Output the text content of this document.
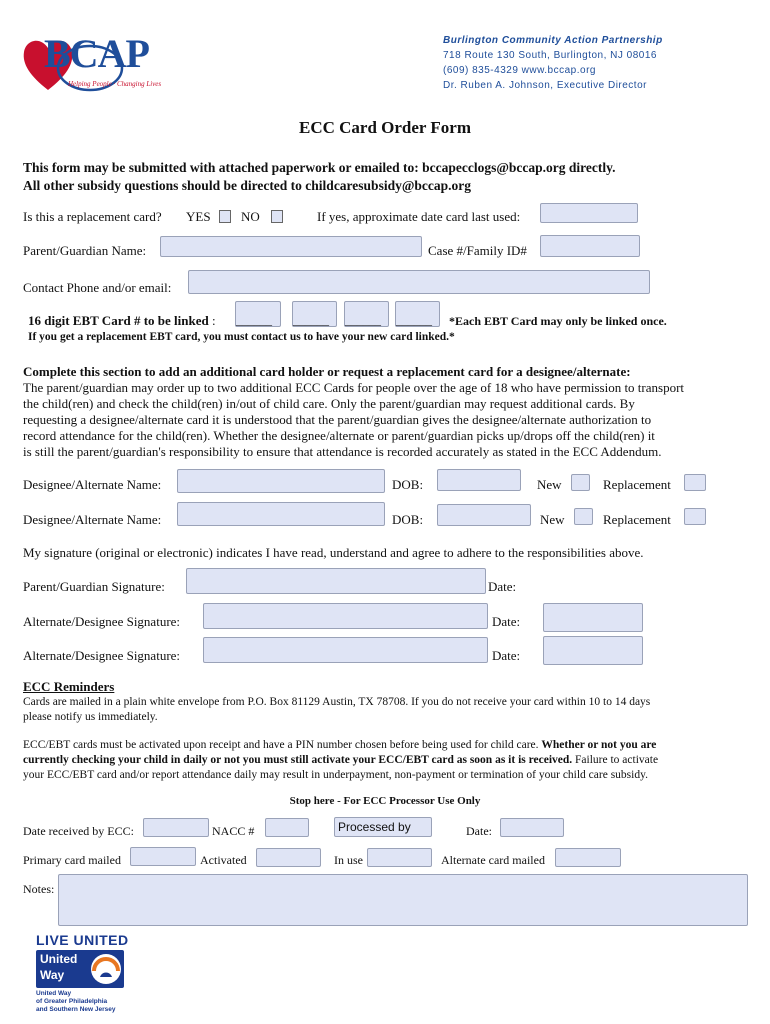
BCAP
Helping People · Changing Lives
Burlington Community Action Partnership
718 Route 130 South, Burlington, NJ 08016
(609) 835-4329 www.bccap.org
Dr. Ruben A. Johnson, Executive Director
ECC Card Order Form
This form may be submitted with attached paperwork or emailed to: bccapecclogs@bccap.org directly.
All other subsidy questions should be directed to childcaresubsidy@bccap.org
Is this a replacement card? YES NO	If yes, approximate date card last used:
Parent/Guardian Name:	Case #/Family ID#
Contact Phone and/or email:
16 digit EBT Card # to be linked : ______ ______ ______ ______ *Each EBT Card may only be linked once.
If you get a replacement EBT card, you must contact us to have your new card linked.*
Complete this section to add an additional card holder or request a replacement card for a designee/alternate:
The parent/guardian may order up to two additional ECC Cards for people over the age of 18 who have permission to transport
the child(ren) and check the child(ren) in/out of child care. Only the parent/guardian may request additional cards. By
requesting a designee/alternate card it is understood that the parent/guardian gives the designee/alternate authorization to
record attendance for the child(ren). Whether the designee/alternate or parent/guardian picks up/drops off the child(ren) it
is still the parent/guardian's responsibility to ensure that attendance is recorded accurately as stated in the ECC Addendum.
Designee/Alternate Name:	DOB:	New	Replacement
Designee/Alternate Name:	DOB:	New	Replacement
My signature (original or electronic) indicates I have read, understand and agree to adhere to the responsibilities above.
Parent/Guardian Signature:	Date:
Alternate/Designee Signature:	Date:
Alternate/Designee Signature:	Date:
ECC Reminders
Cards are mailed in a plain white envelope from P.O. Box 81129 Austin, TX 78708. If you do not receive your card within 10 to 14 days
please notify us immediately.
ECC/EBT cards must be activated upon receipt and have a PIN number chosen before being used for child care. Whether or not you are
currently checking your child in daily or not you must still activate your ECC/EBT card as soon as it is received. Failure to activate
your ECC/EBT card and/or report attendance daily may result in underpayment, non-payment or termination of your child care subsidy.
Stop here - For ECC Processor Use Only
Date received by ECC:	NACC #	Processed by	Date:
Primary card mailed	Activated	In use	Alternate card mailed
Notes:
LIVE UNITED
United
Way
United Way
of Greater Philadelphia
and Southern New Jersey
